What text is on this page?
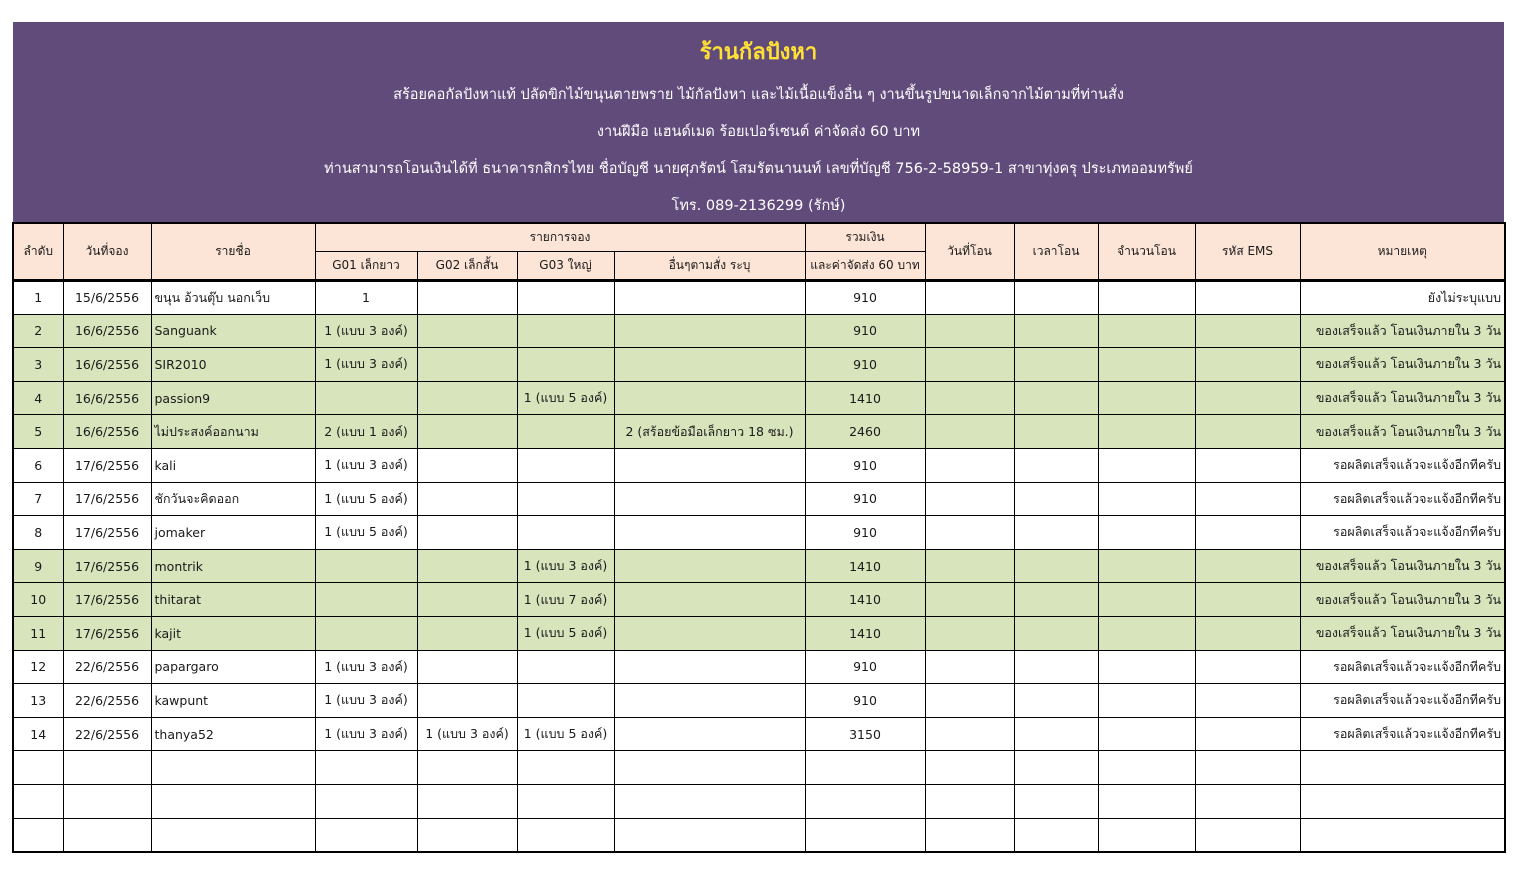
ร้านกัลปังหา
สร้อยคอกัลปังหาแท้ ปลัดขิกไม้ขนุนตายพราย ไม้กัลปังหา และไม้เนื้อแข็งอื่น ๆ งานขึ้นรูปขนาดเล็กจากไม้ตามที่ท่านสั่ง
งานฝีมือ แฮนด์เมด ร้อยเปอร์เซนต์ ค่าจัดส่ง 60 บาท
ท่านสามารถโอนเงินได้ที่ ธนาคารกสิกรไทย ชื่อบัญชี นายศุภรัตน์ โสมรัตนานนท์ เลขที่บัญชี 756-2-58959-1 สาขาทุ่งครุ ประเภทออมทรัพย์
โทร. 089-2136299 (รักษ์)
ลำดับ	วันที่จอง	รายชื่อ	รายการจอง				รวมเงิน	วันที่โอน	เวลาโอน	จำนวนโอน	รหัส EMS	หมายเหตุ
			G01 เล็กยาว	G02 เล็กสั้น	G03 ใหญ่	อื่นๆตามสั่ง ระบุ	และค่าจัดส่ง 60 บาท					
1	15/6/2556	ขนุน อ้วนตุ๊บ นอกเว็บ	1				910					ยังไม่ระบุแบบ
2	16/6/2556	Sanguank	1 (แบบ 3 องค์)				910					ของเสร็จแล้ว โอนเงินภายใน 3 วัน
3	16/6/2556	SIR2010	1 (แบบ 3 องค์)				910					ของเสร็จแล้ว โอนเงินภายใน 3 วัน
4	16/6/2556	passion9			1 (แบบ 5 องค์)		1410					ของเสร็จแล้ว โอนเงินภายใน 3 วัน
5	16/6/2556	ไม่ประสงค์ออกนาม	2 (แบบ 1 องค์)			2 (สร้อยข้อมือเล็กยาว 18 ซม.)	2460					ของเสร็จแล้ว โอนเงินภายใน 3 วัน
6	17/6/2556	kali	1 (แบบ 3 องค์)				910					รอผลิตเสร็จแล้วจะแจ้งอีกทีครับ
7	17/6/2556	ชักวันจะคิดออก	1 (แบบ 5 องค์)				910					รอผลิตเสร็จแล้วจะแจ้งอีกทีครับ
8	17/6/2556	jomaker	1 (แบบ 5 องค์)				910					รอผลิตเสร็จแล้วจะแจ้งอีกทีครับ
9	17/6/2556	montrik			1 (แบบ 3 องค์)		1410					ของเสร็จแล้ว โอนเงินภายใน 3 วัน
10	17/6/2556	thitarat			1 (แบบ 7 องค์)		1410					ของเสร็จแล้ว โอนเงินภายใน 3 วัน
11	17/6/2556	kajit			1 (แบบ 5 องค์)		1410					ของเสร็จแล้ว โอนเงินภายใน 3 วัน
12	22/6/2556	papargaro	1 (แบบ 3 องค์)				910					รอผลิตเสร็จแล้วจะแจ้งอีกทีครับ
13	22/6/2556	kawpunt	1 (แบบ 3 องค์)				910					รอผลิตเสร็จแล้วจะแจ้งอีกทีครับ
14	22/6/2556	thanya52	1 (แบบ 3 องค์)	1 (แบบ 3 องค์)	1 (แบบ 5 องค์)		3150					รอผลิตเสร็จแล้วจะแจ้งอีกทีครับ
